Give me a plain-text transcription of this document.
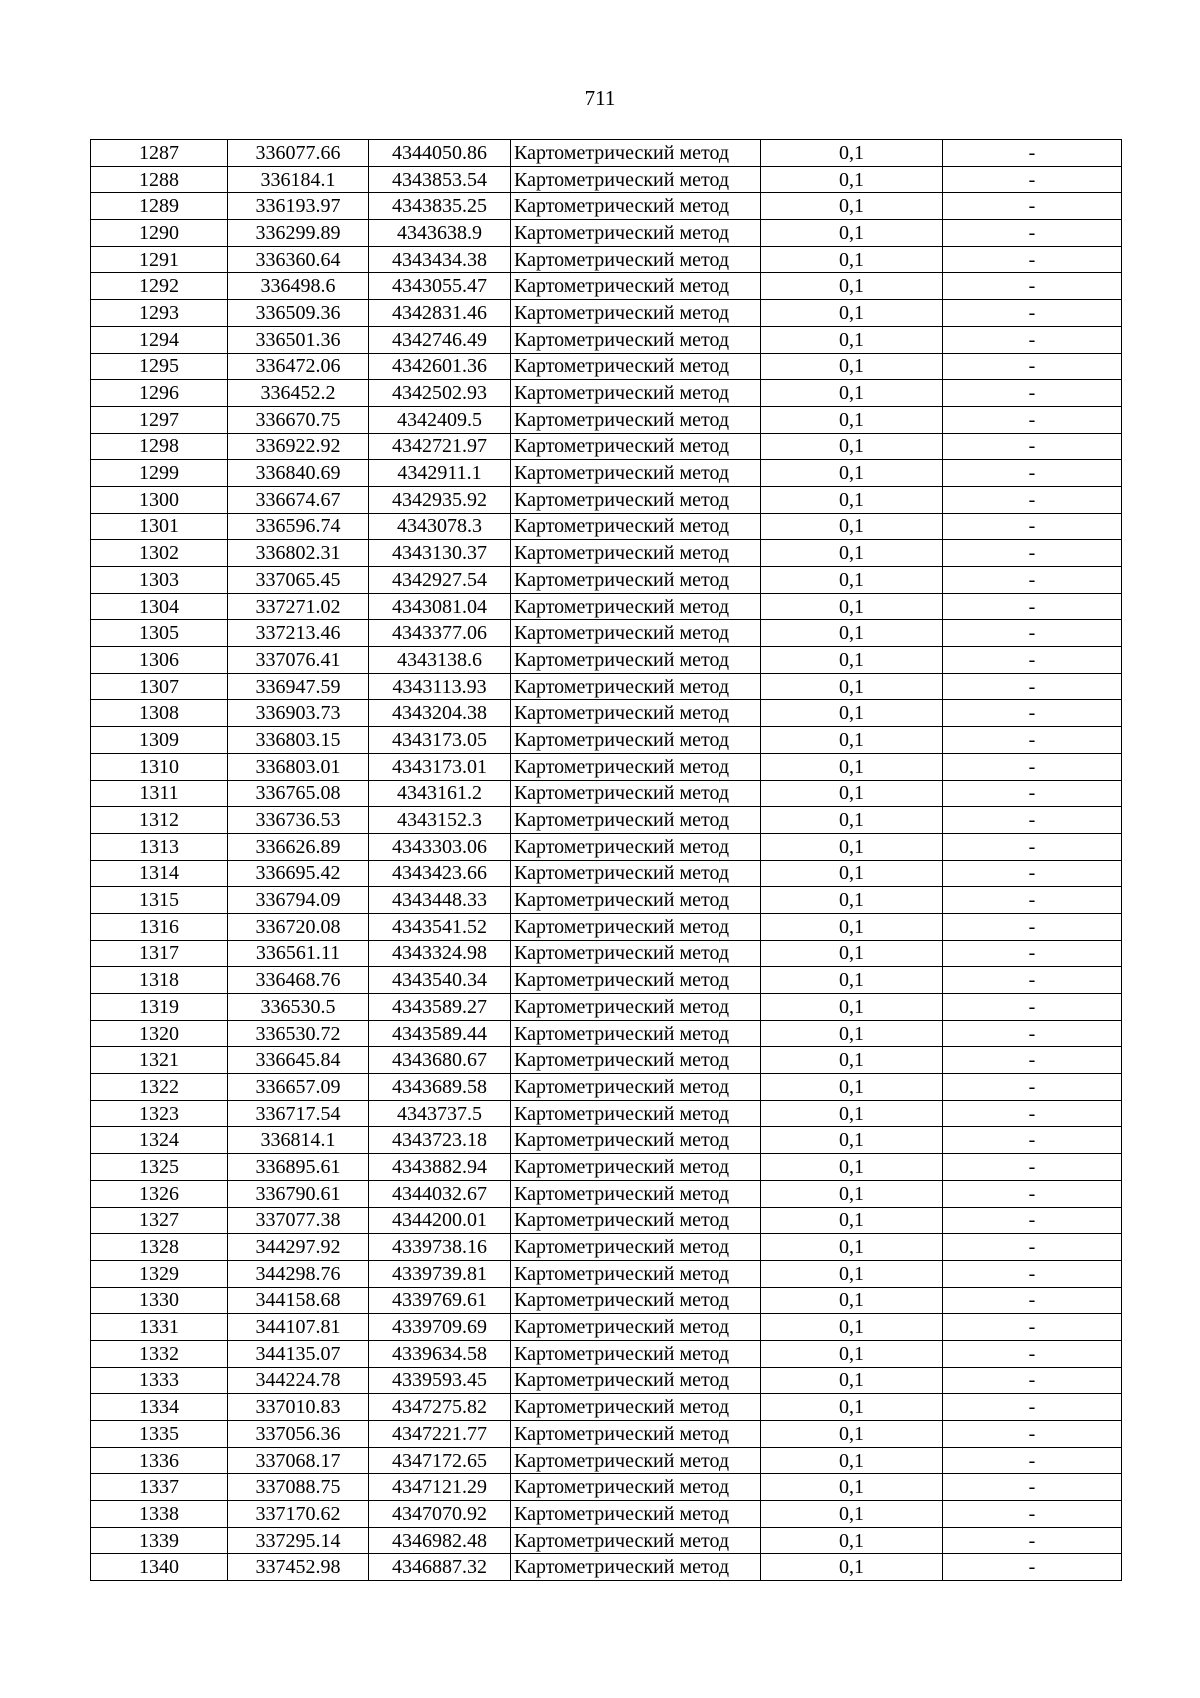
711
1287	336077.66	4344050.86	Картометрический метод	0,1	-
1288	336184.1	4343853.54	Картометрический метод	0,1	-
1289	336193.97	4343835.25	Картометрический метод	0,1	-
1290	336299.89	4343638.9	Картометрический метод	0,1	-
1291	336360.64	4343434.38	Картометрический метод	0,1	-
1292	336498.6	4343055.47	Картометрический метод	0,1	-
1293	336509.36	4342831.46	Картометрический метод	0,1	-
1294	336501.36	4342746.49	Картометрический метод	0,1	-
1295	336472.06	4342601.36	Картометрический метод	0,1	-
1296	336452.2	4342502.93	Картометрический метод	0,1	-
1297	336670.75	4342409.5	Картометрический метод	0,1	-
1298	336922.92	4342721.97	Картометрический метод	0,1	-
1299	336840.69	4342911.1	Картометрический метод	0,1	-
1300	336674.67	4342935.92	Картометрический метод	0,1	-
1301	336596.74	4343078.3	Картометрический метод	0,1	-
1302	336802.31	4343130.37	Картометрический метод	0,1	-
1303	337065.45	4342927.54	Картометрический метод	0,1	-
1304	337271.02	4343081.04	Картометрический метод	0,1	-
1305	337213.46	4343377.06	Картометрический метод	0,1	-
1306	337076.41	4343138.6	Картометрический метод	0,1	-
1307	336947.59	4343113.93	Картометрический метод	0,1	-
1308	336903.73	4343204.38	Картометрический метод	0,1	-
1309	336803.15	4343173.05	Картометрический метод	0,1	-
1310	336803.01	4343173.01	Картометрический метод	0,1	-
1311	336765.08	4343161.2	Картометрический метод	0,1	-
1312	336736.53	4343152.3	Картометрический метод	0,1	-
1313	336626.89	4343303.06	Картометрический метод	0,1	-
1314	336695.42	4343423.66	Картометрический метод	0,1	-
1315	336794.09	4343448.33	Картометрический метод	0,1	-
1316	336720.08	4343541.52	Картометрический метод	0,1	-
1317	336561.11	4343324.98	Картометрический метод	0,1	-
1318	336468.76	4343540.34	Картометрический метод	0,1	-
1319	336530.5	4343589.27	Картометрический метод	0,1	-
1320	336530.72	4343589.44	Картометрический метод	0,1	-
1321	336645.84	4343680.67	Картометрический метод	0,1	-
1322	336657.09	4343689.58	Картометрический метод	0,1	-
1323	336717.54	4343737.5	Картометрический метод	0,1	-
1324	336814.1	4343723.18	Картометрический метод	0,1	-
1325	336895.61	4343882.94	Картометрический метод	0,1	-
1326	336790.61	4344032.67	Картометрический метод	0,1	-
1327	337077.38	4344200.01	Картометрический метод	0,1	-
1328	344297.92	4339738.16	Картометрический метод	0,1	-
1329	344298.76	4339739.81	Картометрический метод	0,1	-
1330	344158.68	4339769.61	Картометрический метод	0,1	-
1331	344107.81	4339709.69	Картометрический метод	0,1	-
1332	344135.07	4339634.58	Картометрический метод	0,1	-
1333	344224.78	4339593.45	Картометрический метод	0,1	-
1334	337010.83	4347275.82	Картометрический метод	0,1	-
1335	337056.36	4347221.77	Картометрический метод	0,1	-
1336	337068.17	4347172.65	Картометрический метод	0,1	-
1337	337088.75	4347121.29	Картометрический метод	0,1	-
1338	337170.62	4347070.92	Картометрический метод	0,1	-
1339	337295.14	4346982.48	Картометрический метод	0,1	-
1340	337452.98	4346887.32	Картометрический метод	0,1	-
